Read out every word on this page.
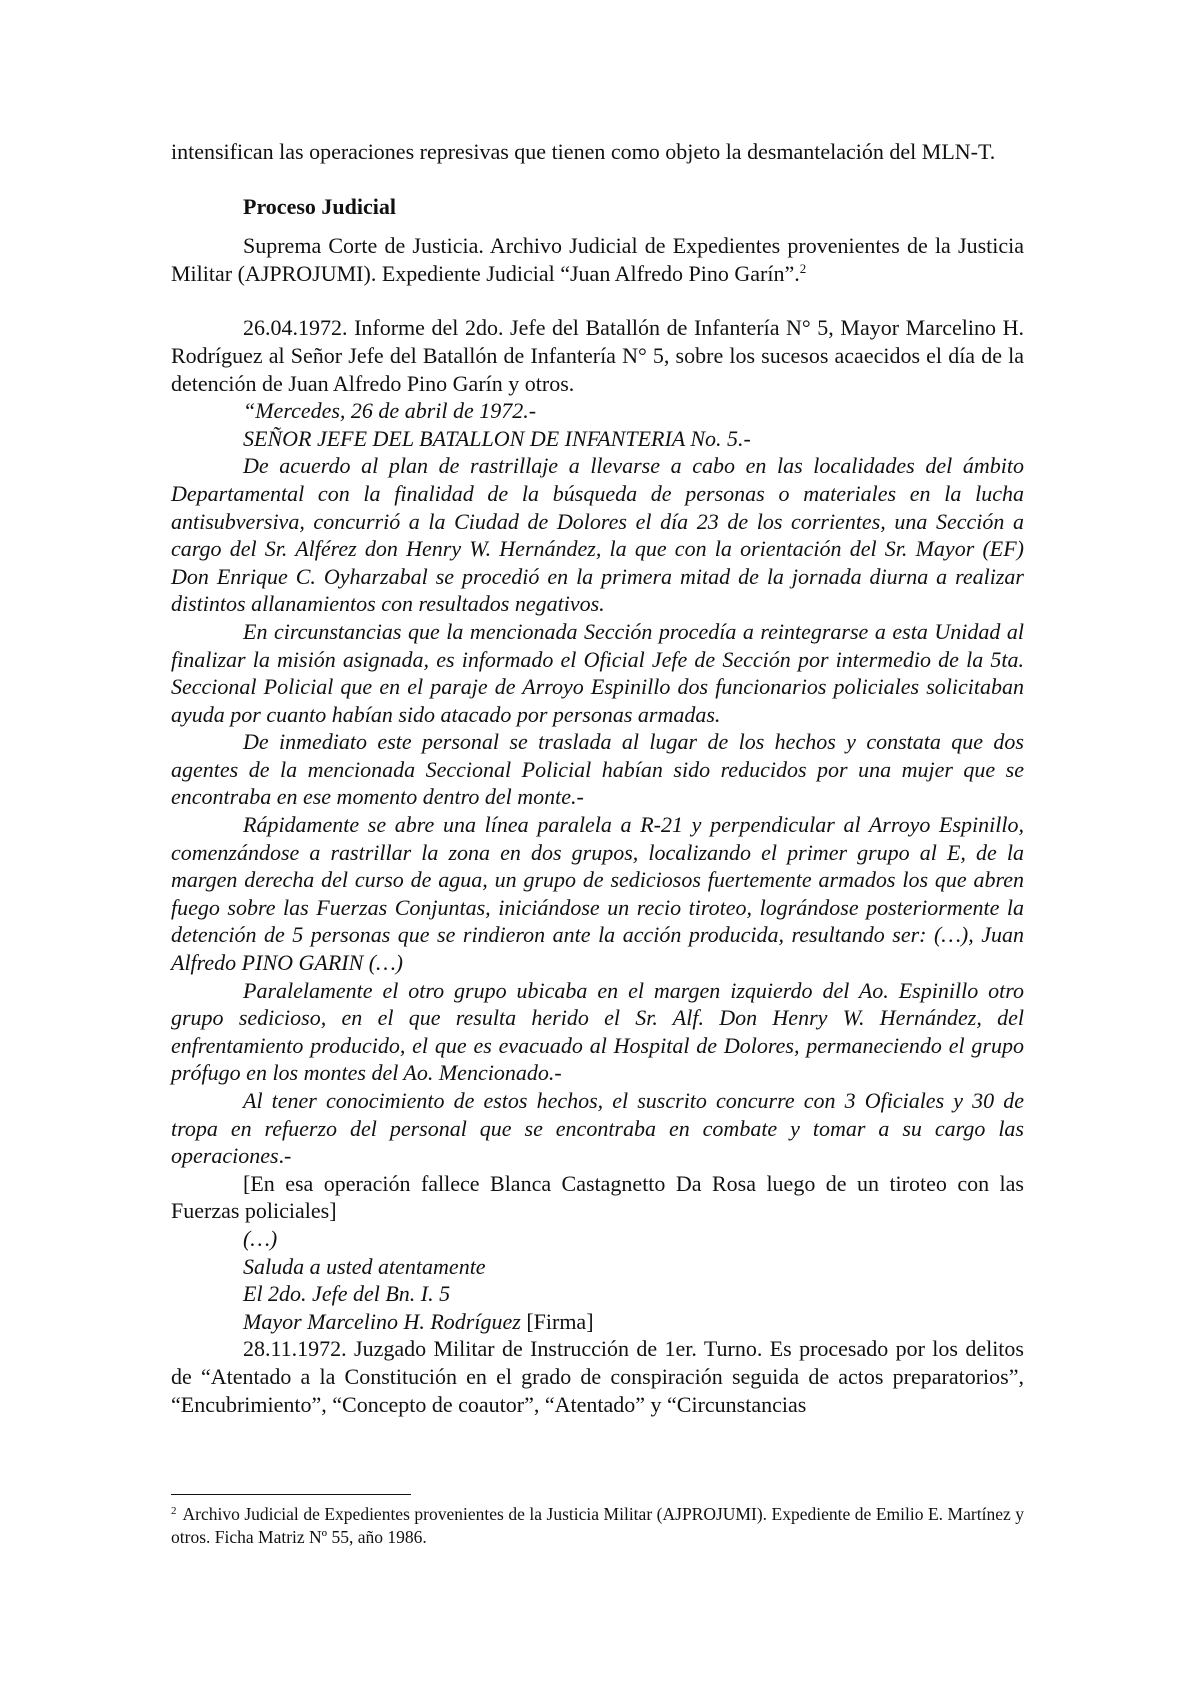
intensifican las operaciones represivas que tienen como objeto la desmantelación del MLN-T.

Proceso Judicial

Suprema Corte de Justicia. Archivo Judicial de Expedientes provenientes de la Justicia Militar (AJPROJUMI). Expediente Judicial “Juan Alfredo Pino Garín”.$^2$

26.04.1972. Informe del 2do. Jefe del Batallón de Infantería N° 5, Mayor Marcelino H. Rodríguez al Señor Jefe del Batallón de Infantería N° 5, sobre los sucesos acaecidos el día de la detención de Juan Alfredo Pino Garín y otros.

“Mercedes, 26 de abril de 1972.-

SEÑOR JEFE DEL BATALLON DE INFANTERIA No. 5.-

De acuerdo al plan de rastrillaje a llevarse a cabo en las localidades del ámbito Departamental con la finalidad de la búsqueda de personas o materiales en la lucha antisubversiva, concurrió a la Ciudad de Dolores el día 23 de los corrientes, una Sección a cargo del Sr. Alférez don Henry W. Hernández, la que con la orientación del Sr. Mayor (EF) Don Enrique C. Oyharzabal se procedió en la primera mitad de la jornada diurna a realizar distintos allanamientos con resultados negativos.

En circunstancias que la mencionada Sección procedía a reintegrarse a esta Unidad al finalizar la misión asignada, es informado el Oficial Jefe de Sección por intermedio de la 5ta. Seccional Policial que en el paraje de Arroyo Espinillo dos funcionarios policiales solicitaban ayuda por cuanto habían sido atacado por personas armadas.

De inmediato este personal se traslada al lugar de los hechos y constata que dos agentes de la mencionada Seccional Policial habían sido reducidos por una mujer que se encontraba en ese momento dentro del monte.-

Rápidamente se abre una línea paralela a R-21 y perpendicular al Arroyo Espinillo, comenzándose a rastrillar la zona en dos grupos, localizando el primer grupo al E, de la margen derecha del curso de agua, un grupo de sediciosos fuertemente armados los que abren fuego sobre las Fuerzas Conjuntas, iniciándose un recio tiroteo, lográndose posteriormente la detención de 5 personas que se rindieron ante la acción producida, resultando ser: (…), Juan Alfredo PINO GARIN (…)

Paralelamente el otro grupo ubicaba en el margen izquierdo del Ao. Espinillo otro grupo sedicioso, en el que resulta herido el Sr. Alf. Don Henry W. Hernández, del enfrentamiento producido, el que es evacuado al Hospital de Dolores, permaneciendo el grupo prófugo en los montes del Ao. Mencionado.-

Al tener conocimiento de estos hechos, el suscrito concurre con 3 Oficiales y 30 de tropa en refuerzo del personal que se encontraba en combate y tomar a su cargo las operaciones.-

[En esa operación fallece Blanca Castagnetto Da Rosa luego de un tiroteo con las Fuerzas policiales]

(…)

Saluda a usted atentamente

El 2do. Jefe del Bn. I. 5

Mayor Marcelino H. Rodríguez [Firma]

28.11.1972. Juzgado Militar de Instrucción de 1er. Turno. Es procesado por los delitos de “Atentado a la Constitución en el grado de conspiración seguida de actos preparatorios”, “Encubrimiento”, “Concepto de coautor”, “Atentado” y “Circunstancias

$^2$ Archivo Judicial de Expedientes provenientes de la Justicia Militar (AJPROJUMI). Expediente de Emilio E. Martínez y otros. Ficha Matriz Nº 55, año 1986.
